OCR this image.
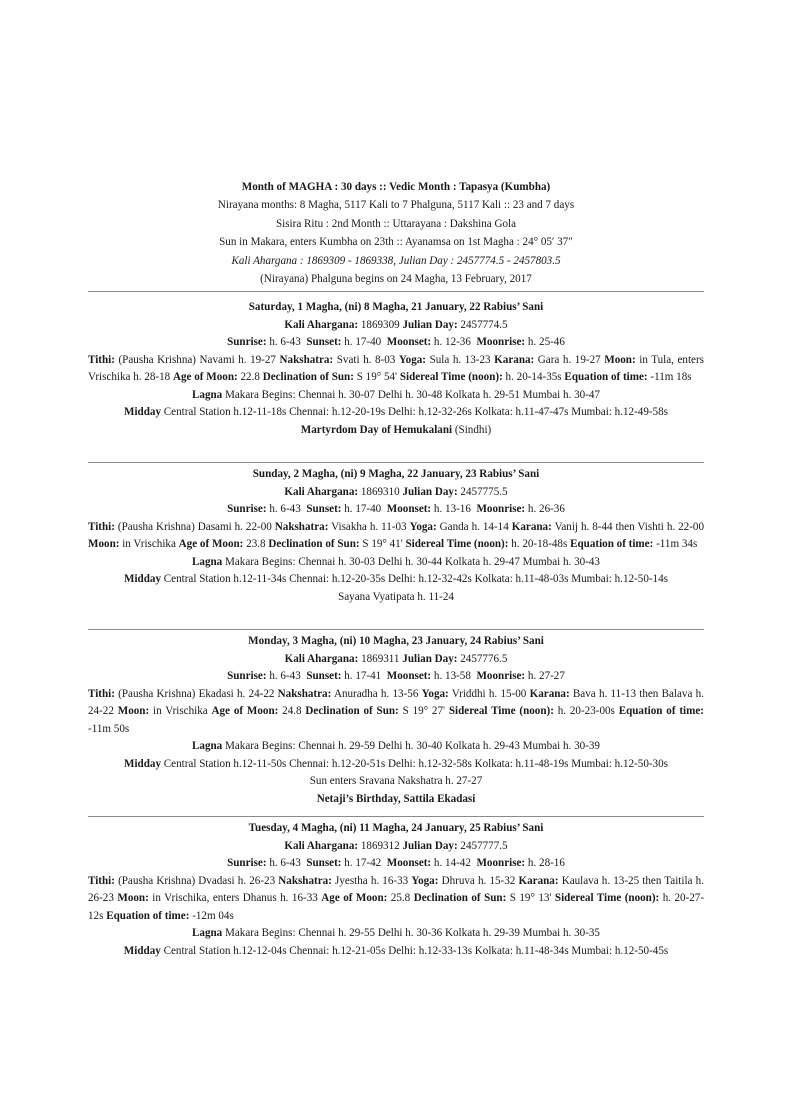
Month of MAGHA : 30 days :: Vedic Month : Tapasya (Kumbha)
Nirayana months: 8 Magha, 5117 Kali to 7 Phalguna, 5117 Kali :: 23 and 7 days
Sisira Ritu : 2nd Month :: Uttarayana : Dakshina Gola
Sun in Makara, enters Kumbha on 23th :: Ayanamsa on 1st Magha : 24° 05′ 37″
Kali Ahargana : 1869309 - 1869338, Julian Day : 2457774.5 - 2457803.5
(Nirayana) Phalguna begins on 24 Magha, 13 February, 2017
Saturday, 1 Magha, (ni) 8 Magha, 21 January, 22 Rabius’ Sani
Kali Ahargana: 1869309 Julian Day: 2457774.5
Sunrise: h. 6-43 Sunset: h. 17-40 Moonset: h. 12-36 Moonrise: h. 25-46
Tithi: (Pausha Krishna) Navami h. 19-27 Nakshatra: Svati h. 8-03 Yoga: Sula h. 13-23 Karana: Gara h. 19-27 Moon: in Tula, enters Vrischika h. 28-18 Age of Moon: 22.8 Declination of Sun: S 19° 54' Sidereal Time (noon): h. 20-14-35s Equation of time: -11m 18s
Lagna Makara Begins: Chennai h. 30-07 Delhi h. 30-48 Kolkata h. 29-51 Mumbai h. 30-47
Midday Central Station h.12-11-18s Chennai: h.12-20-19s Delhi: h.12-32-26s Kolkata: h.11-47-47s Mumbai: h.12-49-58s
Martyrdom Day of Hemukalani (Sindhi)
Sunday, 2 Magha, (ni) 9 Magha, 22 January, 23 Rabius’ Sani
Kali Ahargana: 1869310 Julian Day: 2457775.5
Sunrise: h. 6-43 Sunset: h. 17-40 Moonset: h. 13-16 Moonrise: h. 26-36
Tithi: (Pausha Krishna) Dasami h. 22-00 Nakshatra: Visakha h. 11-03 Yoga: Ganda h. 14-14 Karana: Vanij h. 8-44 then Vishti h. 22-00 Moon: in Vrischika Age of Moon: 23.8 Declination of Sun: S 19° 41' Sidereal Time (noon): h. 20-18-48s Equation of time: -11m 34s
Lagna Makara Begins: Chennai h. 30-03 Delhi h. 30-44 Kolkata h. 29-47 Mumbai h. 30-43
Midday Central Station h.12-11-34s Chennai: h.12-20-35s Delhi: h.12-32-42s Kolkata: h.11-48-03s Mumbai: h.12-50-14s
Sayana Vyatipata h. 11-24
Monday, 3 Magha, (ni) 10 Magha, 23 January, 24 Rabius’ Sani
Kali Ahargana: 1869311 Julian Day: 2457776.5
Sunrise: h. 6-43 Sunset: h. 17-41 Moonset: h. 13-58 Moonrise: h. 27-27
Tithi: (Pausha Krishna) Ekadasi h. 24-22 Nakshatra: Anuradha h. 13-56 Yoga: Vriddhi h. 15-00 Karana: Bava h. 11-13 then Balava h. 24-22 Moon: in Vrischika Age of Moon: 24.8 Declination of Sun: S 19° 27' Sidereal Time (noon): h. 20-23-00s Equation of time: -11m 50s
Lagna Makara Begins: Chennai h. 29-59 Delhi h. 30-40 Kolkata h. 29-43 Mumbai h. 30-39
Midday Central Station h.12-11-50s Chennai: h.12-20-51s Delhi: h.12-32-58s Kolkata: h.11-48-19s Mumbai: h.12-50-30s
Sun enters Sravana Nakshatra h. 27-27
Netaji’s Birthday, Sattila Ekadasi
Tuesday, 4 Magha, (ni) 11 Magha, 24 January, 25 Rabius’ Sani
Kali Ahargana: 1869312 Julian Day: 2457777.5
Sunrise: h. 6-43 Sunset: h. 17-42 Moonset: h. 14-42 Moonrise: h. 28-16
Tithi: (Pausha Krishna) Dvadasi h. 26-23 Nakshatra: Jyestha h. 16-33 Yoga: Dhruva h. 15-32 Karana: Kaulava h. 13-25 then Taitila h. 26-23 Moon: in Vrischika, enters Dhanus h. 16-33 Age of Moon: 25.8 Declination of Sun: S 19° 13' Sidereal Time (noon): h. 20-27-12s Equation of time: -12m 04s
Lagna Makara Begins: Chennai h. 29-55 Delhi h. 30-36 Kolkata h. 29-39 Mumbai h. 30-35
Midday Central Station h.12-12-04s Chennai: h.12-21-05s Delhi: h.12-33-13s Kolkata: h.11-48-34s Mumbai: h.12-50-45s
